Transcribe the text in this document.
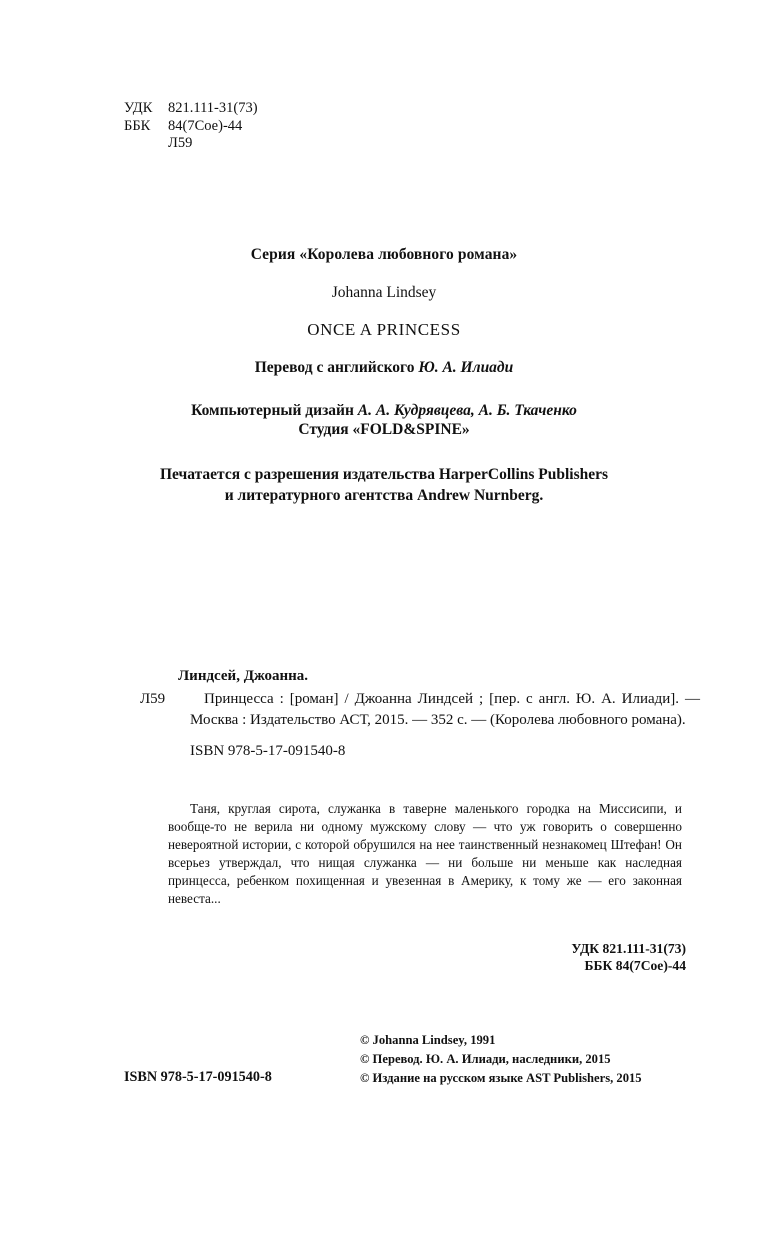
УДК 821.111-31(73)
ББК 84(7Сое)-44
Л59
Серия «Королева любовного романа»
Johanna Lindsey
ONCE A PRINCESS
Перевод с английского Ю. А. Илиади
Компьютерный дизайн А. А. Кудрявцева, А. Б. Ткаченко
Студия «FOLD&SPINE»
Печатается с разрешения издательства HarperCollins Publishers
и литературного агентства Andrew Nurnberg.
Линдсей, Джоанна.
Л59	Принцесса : [роман] / Джоанна Линдсей ; [пер. с англ. Ю. А. Илиади]. — Москва : Издательство АСТ, 2015. — 352 с. — (Королева любовного романа).
ISBN 978-5-17-091540-8
Таня, круглая сирота, служанка в таверне маленького городка на Миссисипи, и вообще-то не верила ни одному мужскому слову — что уж говорить о совершенно невероятной истории, с которой обрушился на нее таинственный незнакомец Штефан! Он всерьез утверждал, что нищая служанка — ни больше ни меньше как наследная принцесса, ребенком похищенная и увезенная в Америку, к тому же — его законная невеста...
УДК 821.111-31(73)
ББК 84(7Сое)-44
ISBN 978-5-17-091540-8
© Johanna Lindsey, 1991
© Перевод. Ю. А. Илиади, наследники, 2015
© Издание на русском языке AST Publishers, 2015
